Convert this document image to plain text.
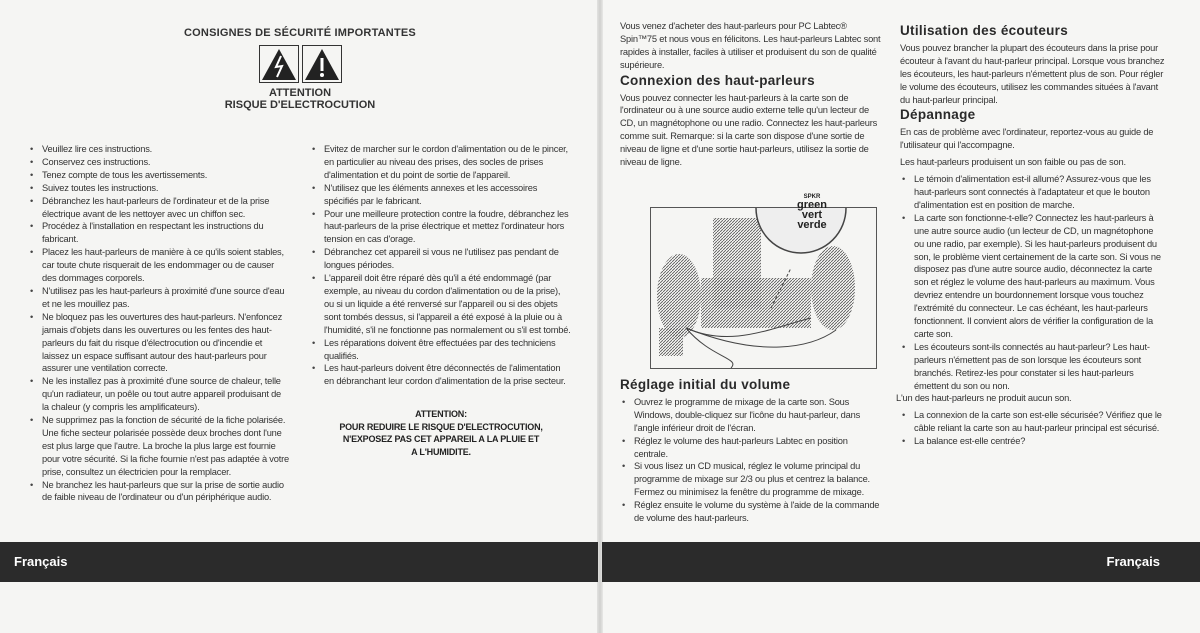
CONSIGNES DE SÉCURITÉ IMPORTANTES
ATTENTION
RISQUE D'ELECTROCUTION
• Veuillez lire ces instructions.
• Conservez ces instructions.
• Tenez compte de tous les avertissements.
• Suivez toutes les instructions.
• Débranchez les haut-parleurs de l'ordinateur et de la prise électrique avant de les nettoyer avec un chiffon sec.
• Procédez à l'installation en respectant les instructions du fabricant.
• Placez les haut-parleurs de manière à ce qu'ils soient stables, car toute chute risquerait de les endommager ou de causer des dommages corporels.
• N'utilisez pas les haut-parleurs à proximité d'une source d'eau et ne les mouillez pas.
• Ne bloquez pas les ouvertures des haut-parleurs. N'enfoncez jamais d'objets dans les ouvertures ou les fentes des haut-parleurs du fait du risque d'électrocution ou d'incendie et laissez un espace suffisant autour des haut-parleurs pour assurer une ventilation correcte.
• Ne les installez pas à proximité d'une source de chaleur, telle qu'un radiateur, un poêle ou tout autre appareil produisant de la chaleur (y compris les amplificateurs).
• Ne supprimez pas la fonction de sécurité de la fiche polarisée. Une fiche secteur polarisée possède deux broches dont l'une est plus large que l'autre. La broche la plus large est fournie pour votre sécurité. Si la fiche fournie n'est pas adaptée à votre prise, consultez un électricien pour la remplacer.
• Ne branchez les haut-parleurs que sur la prise de sortie audio de faible niveau de l'ordinateur ou d'un périphérique audio.
• Evitez de marcher sur le cordon d'alimentation ou de le pincer, en particulier au niveau des prises, des socles de prises d'alimentation et du point de sortie de l'appareil.
• N'utilisez que les éléments annexes et les accessoires spécifiés par le fabricant.
• Pour une meilleure protection contre la foudre, débranchez les haut-parleurs de la prise électrique et mettez l'ordinateur hors tension en cas d'orage.
• Débranchez cet appareil si vous ne l'utilisez pas pendant de longues périodes.
• L'appareil doit être réparé dès qu'il a été endommagé (par exemple, au niveau du cordon d'alimentation ou de la prise), ou si un liquide a été renversé sur l'appareil ou si des objets sont tombés dessus, si l'appareil a été exposé à la pluie ou à l'humidité, s'il ne fonctionne pas normalement ou s'il est tombé.
• Les réparations doivent être effectuées par des techniciens qualifiés.
• Les haut-parleurs doivent être déconnectés de l'alimentation en débranchant leur cordon d'alimentation de la prise secteur.
ATTENTION:
POUR REDUIRE LE RISQUE D'ELECTROCUTION,
N'EXPOSEZ PAS CET APPAREIL A LA PLUIE ET
A L'HUMIDITE.
Français

Vous venez d'acheter des haut-parleurs pour PC Labtec® Spin™75 et nous vous en félicitons. Les haut-parleurs Labtec sont rapides à installer, faciles à utiliser et produisent du son de qualité supérieure.

Connexion des haut-parleurs

Vous pouvez connecter les haut-parleurs à la carte son de l'ordinateur ou à une source audio externe telle qu'un lecteur de CD, un magnétophone ou une radio. Connectez les haut-parleurs comme suit. Remarque: si la carte son dispose d'une sortie de niveau de ligne et d'une sortie haut-parleurs, utilisez la sortie de niveau de ligne.

SPKR
green
vert
verde
Réglage initial du volume
• Ouvrez le programme de mixage de la carte son. Sous Windows, double-cliquez sur l'icône du haut-parleur, dans l'angle inférieur droit de l'écran.
• Réglez le volume des haut-parleurs Labtec en position centrale.
• Si vous lisez un CD musical, réglez le volume principal du programme de mixage sur 2/3 ou plus et centrez la balance. Fermez ou minimisez la fenêtre du programme de mixage.
• Réglez ensuite le volume du système à l'aide de la commande de volume des haut-parleurs.
Utilisation des écouteurs

Vous pouvez brancher la plupart des écouteurs dans la prise pour écouteur à l'avant du haut-parleur principal. Lorsque vous branchez les écouteurs, les haut-parleurs n'émettent plus de son. Pour régler le volume des écouteurs, utilisez les commandes situées à l'avant du haut-parleur principal.

Dépannage

En cas de problème avec l'ordinateur, reportez-vous au guide de l'utilisateur qui l'accompagne.

Les haut-parleurs produisent un son faible ou pas de son.

• Le témoin d'alimentation est-il allumé? Assurez-vous que les haut-parleurs sont connectés à l'adaptateur et que le bouton d'alimentation est en position de marche.
• La carte son fonctionne-t-elle? Connectez les haut-parleurs à une autre source audio (un lecteur de CD, un magnétophone ou une radio, par exemple). Si les haut-parleurs produisent du son, le problème vient certainement de la carte son. Si vous ne disposez pas d'une autre source audio, déconnectez la carte son et réglez le volume des haut-parleurs au maximum. Vous devriez entendre un bourdonnement lorsque vous touchez l'extrémité du connecteur. Le cas échéant, les haut-parleurs fonctionnent. Il convient alors de vérifier la configuration de la carte son.
• Les écouteurs sont-ils connectés au haut-parleur? Les haut-parleurs n'émettent pas de son lorsque les écouteurs sont branchés. Retirez-les pour constater si les haut-parleurs émettent du son ou non.

L'un des haut-parleurs ne produit aucun son.

• La connexion de la carte son est-elle sécurisée? Vérifiez que le câble reliant la carte son au haut-parleur principal est sécurisé.
• La balance est-elle centrée?
Français
